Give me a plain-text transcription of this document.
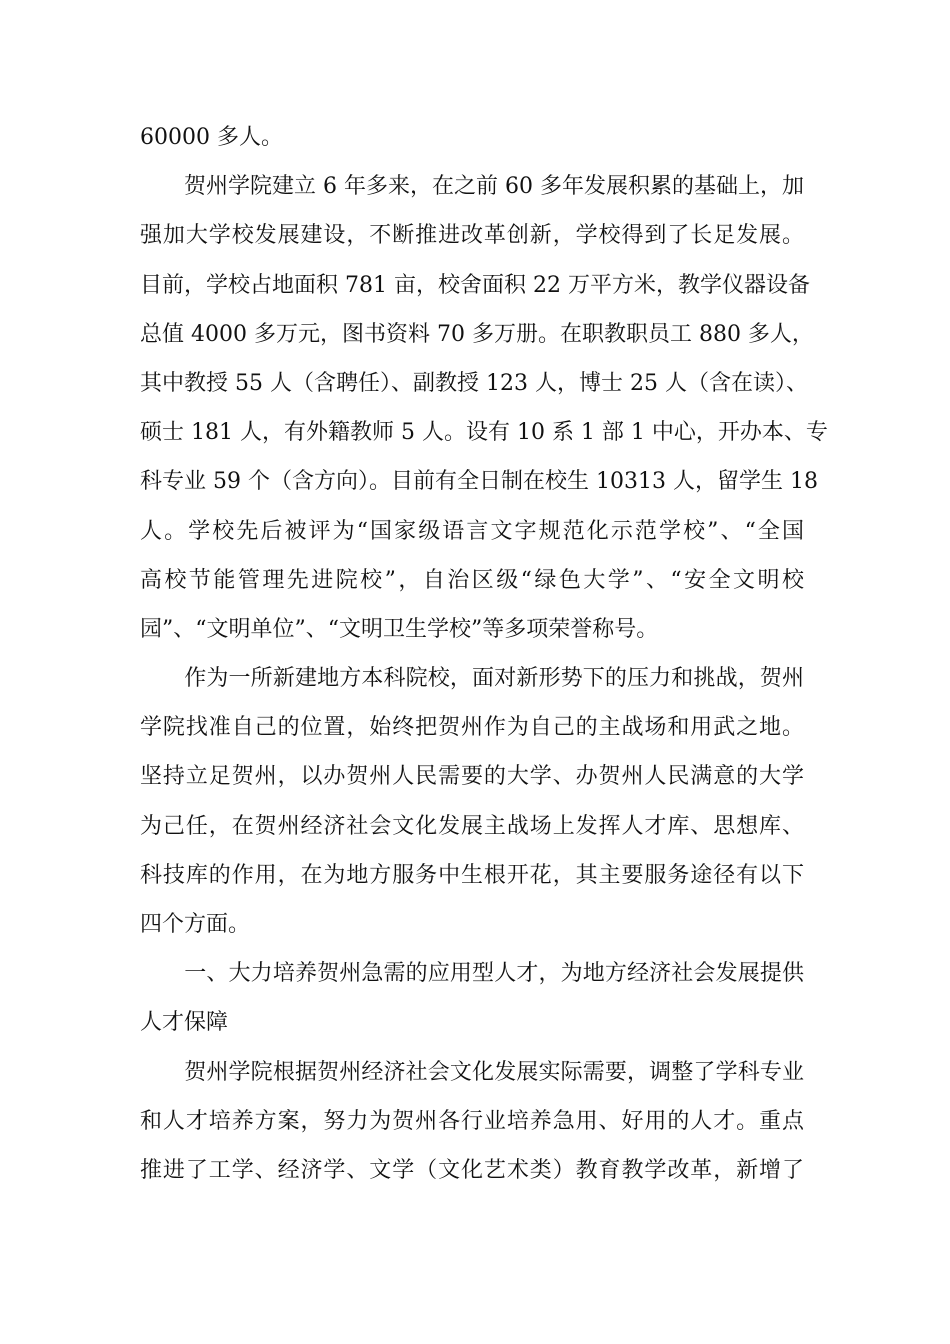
60000 多人。
　　贺州学院建立 6 年多来，在之前 60 多年发展积累的基础上，加
强加大学校发展建设，不断推进改革创新，学校得到了长足发展。
目前，学校占地面积 781 亩，校舍面积 22 万平方米，教学仪器设备
总值 4000 多万元，图书资料 70 多万册。在职教职员工 880 多人，
其中教授 55 人（含聘任）、副教授 123 人，博士 25 人（含在读）、
硕士 181 人，有外籍教师 5 人。设有 10 系 1 部 1 中心，开办本、专
科专业 59 个（含方向）。目前有全日制在校生 10313 人，留学生 18
人。学校先后被评为“国家级语言文字规范化示范学校”、“全国
高校节能管理先进院校”，自治区级“绿色大学”、“安全文明校
园”、“文明单位”、“文明卫生学校”等多项荣誉称号。
　　作为一所新建地方本科院校，面对新形势下的压力和挑战，贺州
学院找准自己的位置，始终把贺州作为自己的主战场和用武之地。
坚持立足贺州，以办贺州人民需要的大学、办贺州人民满意的大学
为己任，在贺州经济社会文化发展主战场上发挥人才库、思想库、
科技库的作用，在为地方服务中生根开花，其主要服务途径有以下
四个方面。
　　一、大力培养贺州急需的应用型人才，为地方经济社会发展提供
人才保障
　　贺州学院根据贺州经济社会文化发展实际需要，调整了学科专业
和人才培养方案，努力为贺州各行业培养急用、好用的人才。重点
推进了工学、经济学、文学（文化艺术类）教育教学改革，新增了
